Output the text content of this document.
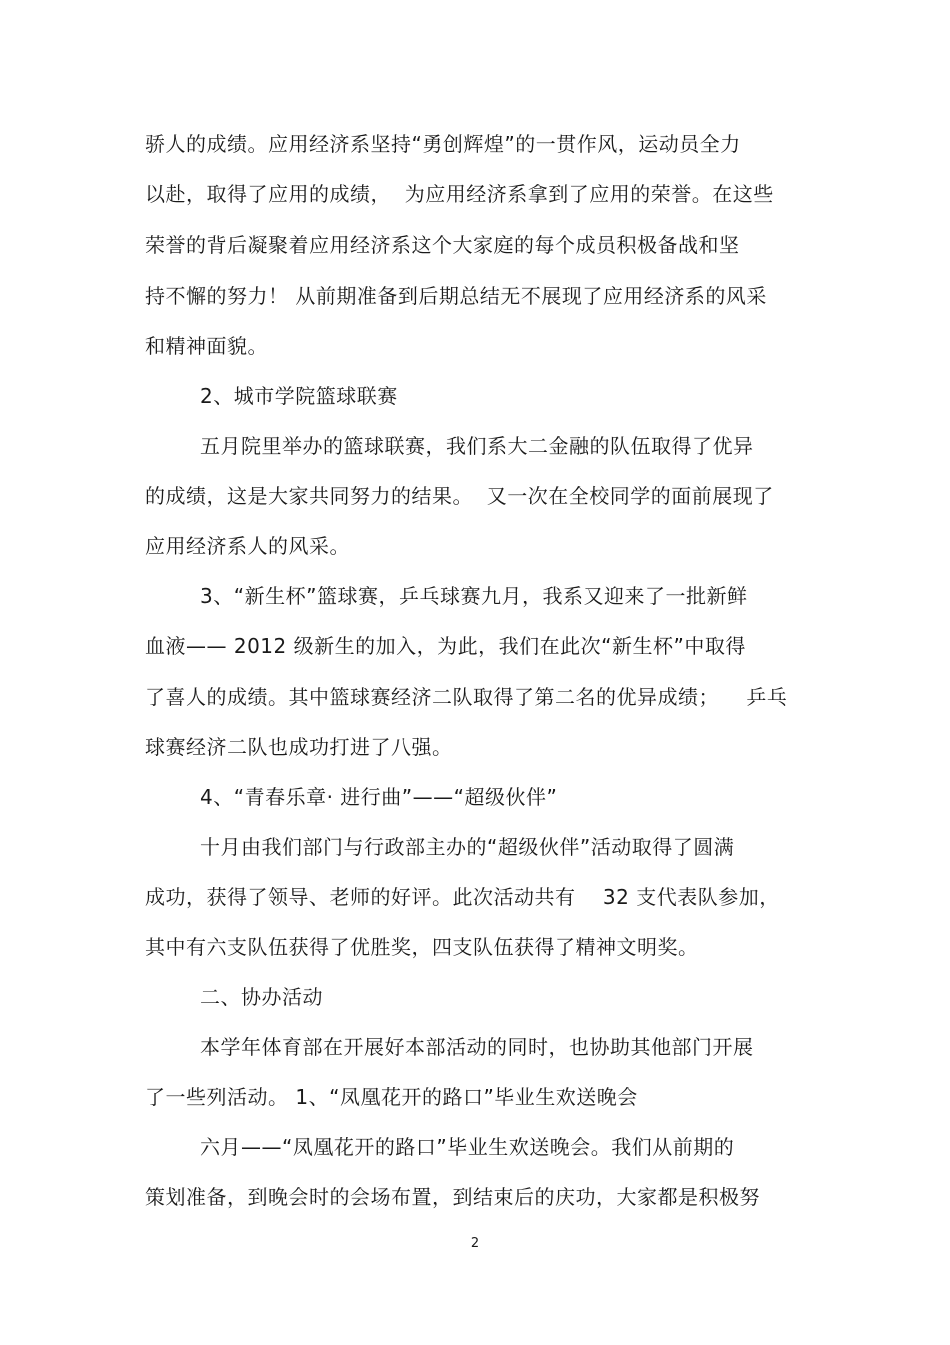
骄人的成绩。应用经济系坚持“勇创辉煌”的一贯作风，运动员全力
以赴，取得了应用的成绩，  为应用经济系拿到了应用的荣誉。在这些
荣誉的背后凝聚着应用经济系这个大家庭的每个成员积极备战和坚
持不懈的努力！ 从前期准备到后期总结无不展现了应用经济系的风采
和精神面貌。
2、城市学院篮球联赛
五月院里举办的篮球联赛，我们系大二金融的队伍取得了优异
的成绩，这是大家共同努力的结果。  又一次在全校同学的面前展现了
应用经济系人的风采。
3、“新生杯”篮球赛，乒乓球赛九月，我系又迎来了一批新鲜
血液—— 2012 级新生的加入，为此，我们在此次“新生杯”中取得
了喜人的成绩。其中篮球赛经济二队取得了第二名的优异成绩；    乒乓
球赛经济二队也成功打进了八强。
4、“青春乐章· 进行曲”——“超级伙伴”
十月由我们部门与行政部主办的“超级伙伴”活动取得了圆满
成功，获得了领导、老师的好评。此次活动共有    32 支代表队参加，
其中有六支队伍获得了优胜奖，四支队伍获得了精神文明奖。
二、协办活动
本学年体育部在开展好本部活动的同时，也协助其他部门开展
了一些列活动。 1、“凤凰花开的路口”毕业生欢送晚会
六月——“凤凰花开的路口”毕业生欢送晚会。我们从前期的
策划准备，到晚会时的会场布置，到结束后的庆功，大家都是积极努
2
